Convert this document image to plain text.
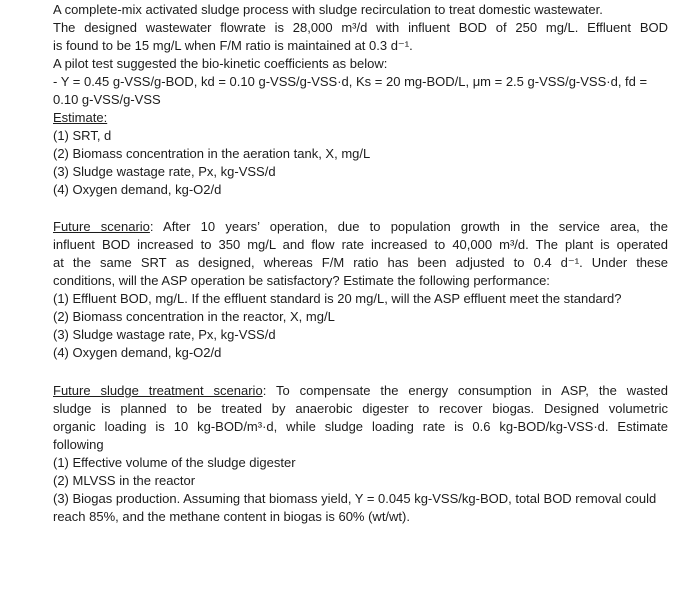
A complete-mix activated sludge process with sludge recirculation to treat domestic wastewater.

The designed wastewater flowrate is 28,000 m³/d with influent BOD of 250 mg/L. Effluent BOD

is found to be 15 mg/L when F/M ratio is maintained at 0.3 d⁻¹.

A pilot test suggested the bio-kinetic coefficients as below:

- Y = 0.45 g-VSS/g-BOD, kd = 0.10 g-VSS/g-VSS·d, Ks = 20 mg-BOD/L, μm = 2.5 g-VSS/g-VSS·d, fd =

0.10 g-VSS/g-VSS

Estimate:

(1) SRT, d

(2) Biomass concentration in the aeration tank, X, mg/L

(3) Sludge wastage rate, Px, kg-VSS/d

(4) Oxygen demand, kg-O2/d

Future scenario: After 10 years’ operation, due to population growth in the service area, the

influent BOD increased to 350 mg/L and flow rate increased to 40,000 m³/d. The plant is operated

at the same SRT as designed, whereas F/M ratio has been adjusted to 0.4 d⁻¹. Under these

conditions, will the ASP operation be satisfactory? Estimate the following performance:

(1) Effluent BOD, mg/L. If the effluent standard is 20 mg/L, will the ASP effluent meet the standard?

(2) Biomass concentration in the reactor, X, mg/L

(3) Sludge wastage rate, Px, kg-VSS/d

(4) Oxygen demand, kg-O2/d

Future sludge treatment scenario: To compensate the energy consumption in ASP, the wasted

sludge is planned to be treated by anaerobic digester to recover biogas. Designed volumetric

organic loading is 10 kg-BOD/m³·d, while sludge loading rate is 0.6 kg-BOD/kg-VSS·d. Estimate

following

(1) Effective volume of the sludge digester

(2) MLVSS in the reactor

(3) Biogas production. Assuming that biomass yield, Y = 0.045 kg-VSS/kg-BOD, total BOD removal could

reach 85%, and the methane content in biogas is 60% (wt/wt).
